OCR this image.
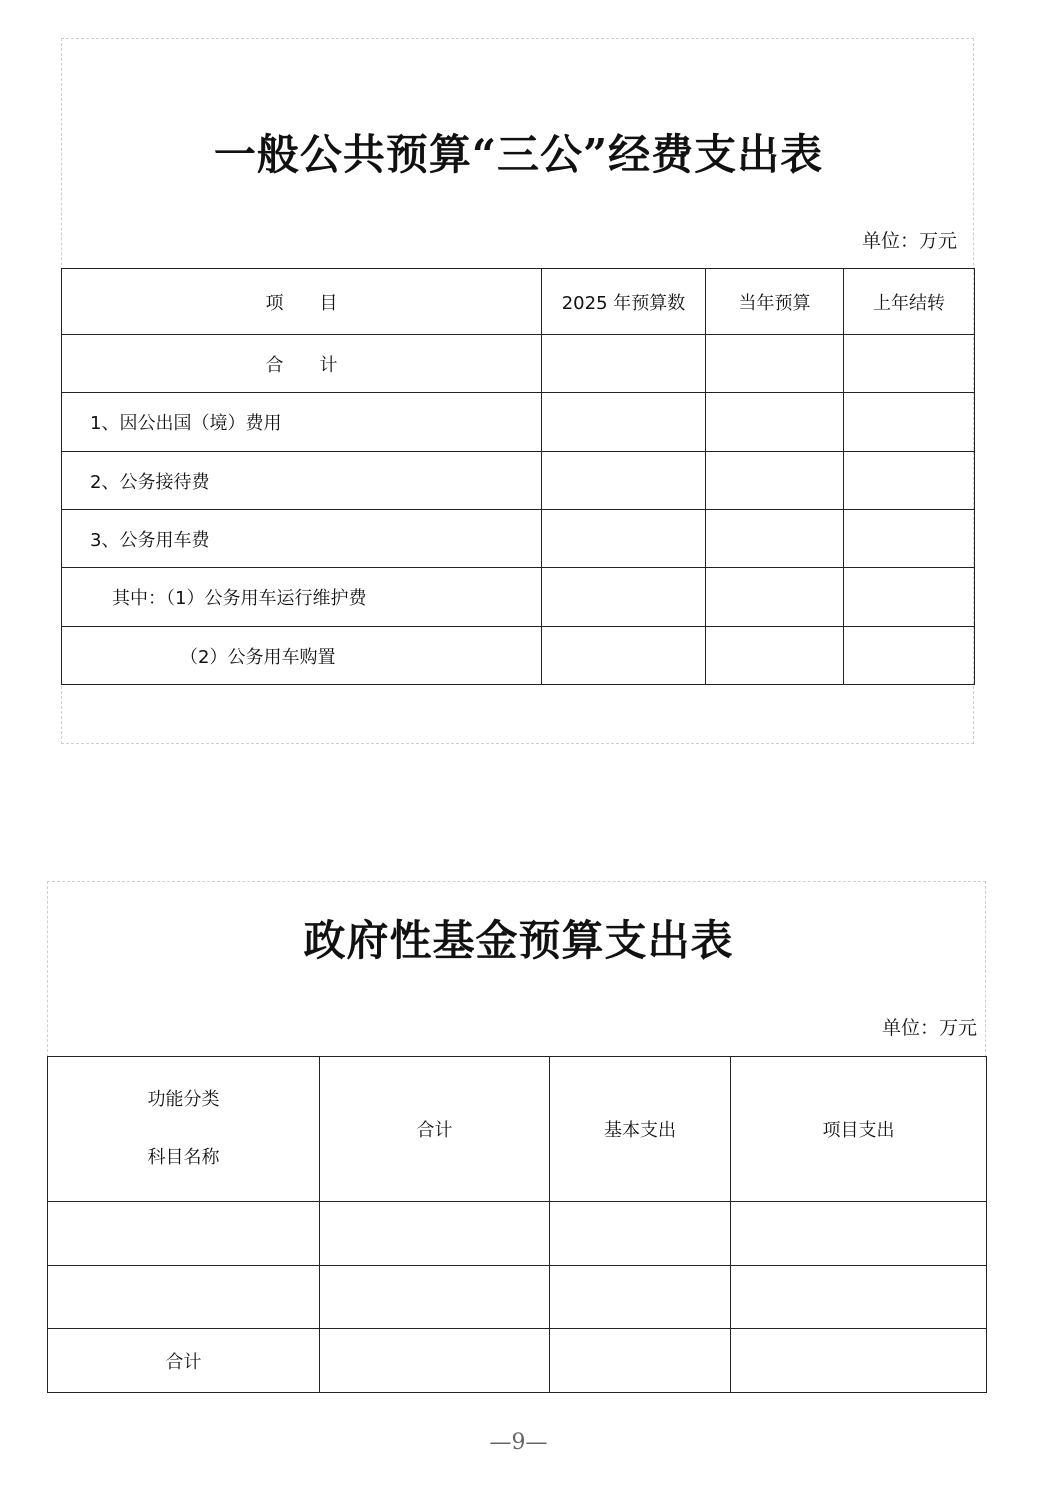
一般公共预算“三公”经费支出表
单位：万元
项　　目	2025 年预算数	当年预算	上年结转
合　　计			
1、因公出国（境）费用			
2、公务接待费			
3、公务用车费			
其中：（1）公务用车运行维护费			
（2）公务用车购置			
政府性基金预算支出表
单位：万元
功能分类
科目名称	合计	基本支出	项目支出

合计			
—9—
